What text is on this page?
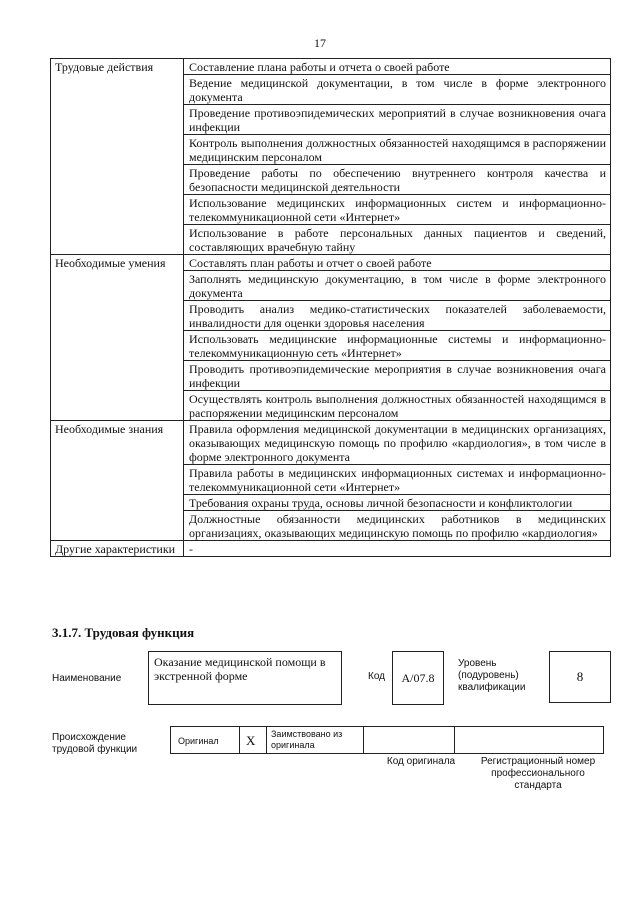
17
Трудовые действия	Составление плана работы и отчета о своей работе
	Ведение медицинской документации, в том числе в форме электронного документа
	Проведение противоэпидемических мероприятий в случае возникновения очага инфекции
	Контроль выполнения должностных обязанностей находящимся в распоряжении медицинским персоналом
	Проведение работы по обеспечению внутреннего контроля качества и безопасности медицинской деятельности
	Использование медицинских информационных систем и информационно-телекоммуникационной сети «Интернет»
	Использование в работе персональных данных пациентов и сведений, составляющих врачебную тайну
Необходимые умения	Составлять план работы и отчет о своей работе
	Заполнять медицинскую документацию, в том числе в форме электронного документа
	Проводить анализ медико-статистических показателей заболеваемости, инвалидности для оценки здоровья населения
	Использовать медицинские информационные системы и информационно-телекоммуникационную сеть «Интернет»
	Проводить противоэпидемические мероприятия в случае возникновения очага инфекции
	Осуществлять контроль выполнения должностных обязанностей находящимся в распоряжении медицинским персоналом
Необходимые знания	Правила оформления медицинской документации в медицинских организациях, оказывающих медицинскую помощь по профилю «кардиология», в том числе в форме электронного документа
	Правила работы в медицинских информационных системах и информационно-телекоммуникационной сети «Интернет»
	Требования охраны труда, основы личной безопасности и конфликтологии
	Должностные обязанности медицинских работников в медицинских организациях, оказывающих медицинскую помощь по профилю «кардиология»
Другие характеристики	-
3.1.7. Трудовая функция
Наименование
Оказание медицинской помощи в экстренной форме	Код	A/07.8
Уровень (подуровень) квалификации
8
Происхождение трудовой функции
Оригинал	X	Заимствовано из оригинала

Код оригинала	Регистрационный номер профессионального стандарта
